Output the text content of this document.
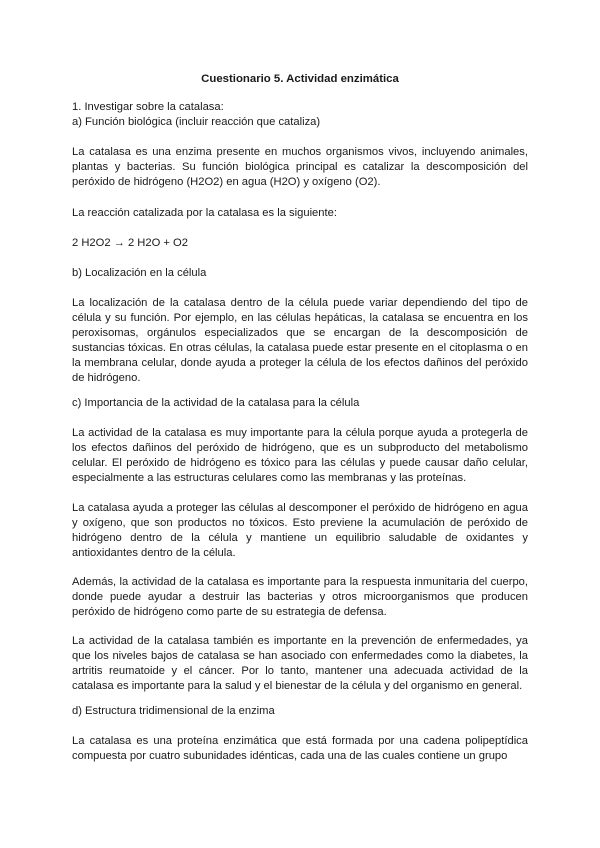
Cuestionario 5. Actividad enzimática
1. Investigar sobre la catalasa:
a) Función biológica (incluir reacción que cataliza)

La catalasa es una enzima presente en muchos organismos vivos, incluyendo animales, plantas y bacterias. Su función biológica principal es catalizar la descomposición del peróxido de hidrógeno (H2O2) en agua (H2O) y oxígeno (O2).

La reacción catalizada por la catalasa es la siguiente:

2 H2O2 → 2 H2O + O2
b) Localización en la célula

La localización de la catalasa dentro de la célula puede variar dependiendo del tipo de célula y su función. Por ejemplo, en las células hepáticas, la catalasa se encuentra en los peroxisomas, orgánulos especializados que se encargan de la descomposición de sustancias tóxicas. En otras células, la catalasa puede estar presente en el citoplasma o en la membrana celular, donde ayuda a proteger la célula de los efectos dañinos del peróxido de hidrógeno.

c) Importancia de la actividad de la catalasa para la célula

La actividad de la catalasa es muy importante para la célula porque ayuda a protegerla de los efectos dañinos del peróxido de hidrógeno, que es un subproducto del metabolismo celular. El peróxido de hidrógeno es tóxico para las células y puede causar daño celular, especialmente a las estructuras celulares como las membranas y las proteínas.

La catalasa ayuda a proteger las células al descomponer el peróxido de hidrógeno en agua y oxígeno, que son productos no tóxicos. Esto previene la acumulación de peróxido de hidrógeno dentro de la célula y mantiene un equilibrio saludable de oxidantes y antioxidantes dentro de la célula.

Además, la actividad de la catalasa es importante para la respuesta inmunitaria del cuerpo, donde puede ayudar a destruir las bacterias y otros microorganismos que producen peróxido de hidrógeno como parte de su estrategia de defensa.

La actividad de la catalasa también es importante en la prevención de enfermedades, ya que los niveles bajos de catalasa se han asociado con enfermedades como la diabetes, la artritis reumatoide y el cáncer. Por lo tanto, mantener una adecuada actividad de la catalasa es importante para la salud y el bienestar de la célula y del organismo en general.

d) Estructura tridimensional de la enzima

La catalasa es una proteína enzimática que está formada por una cadena polipeptídica compuesta por cuatro subunidades idénticas, cada una de las cuales contiene un grupo
